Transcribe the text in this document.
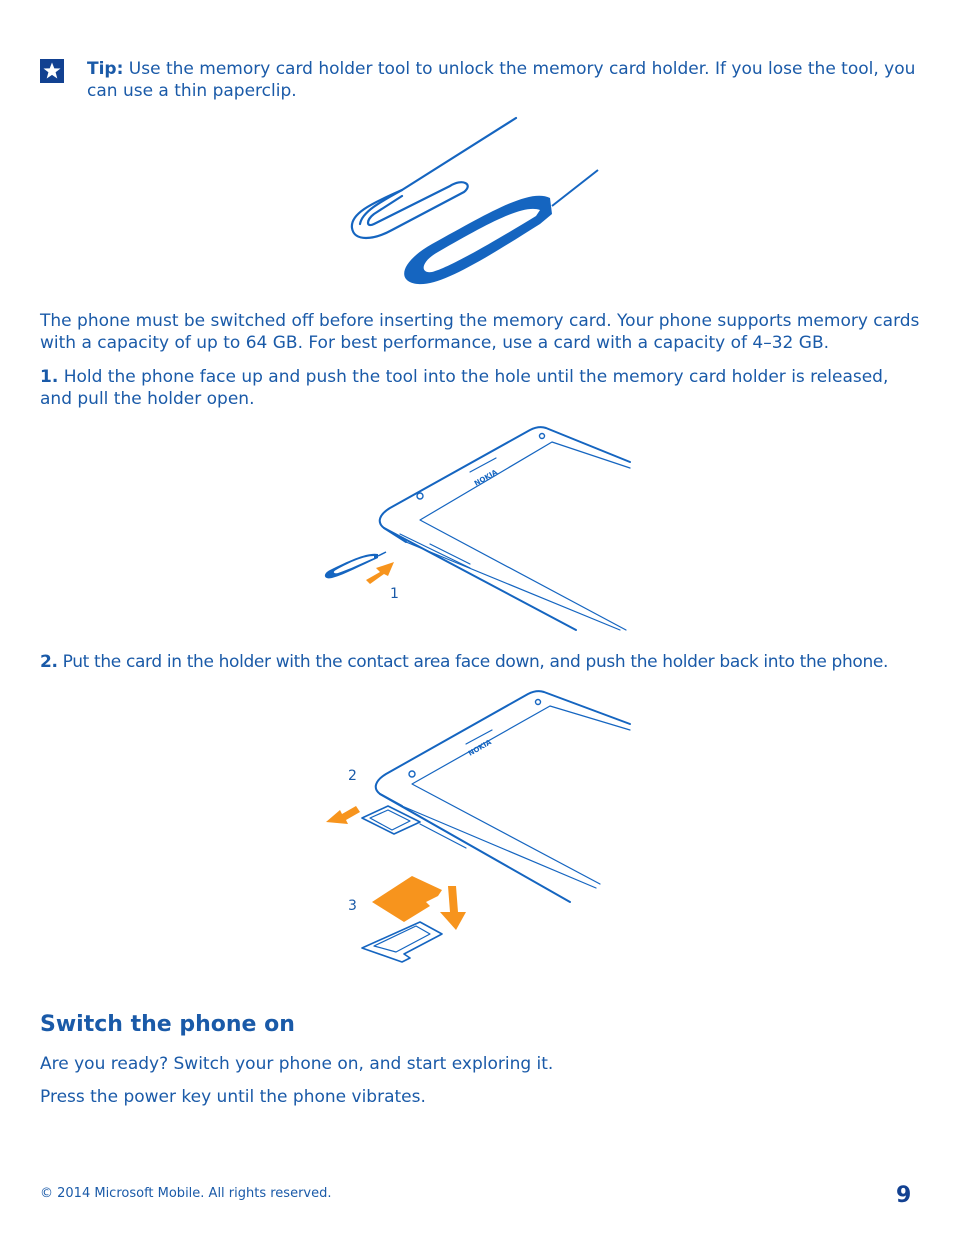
Tip: Use the memory card holder tool to unlock the memory card holder. If you lose the tool, you can use a thin paperclip.
The phone must be switched off before inserting the memory card. Your phone supports memory cards with a capacity of up to 64 GB. For best performance, use a card with a capacity of 4–32 GB.
1. Hold the phone face up and push the tool into the hole until the memory card holder is released, and pull the holder open.
NOKIA
1
2. Put the card in the holder with the contact area face down, and push the holder back into the phone.
NOKIA
2
3
Switch the phone on
Are you ready? Switch your phone on, and start exploring it.
Press the power key until the phone vibrates.
© 2014 Microsoft Mobile. All rights reserved.	9
